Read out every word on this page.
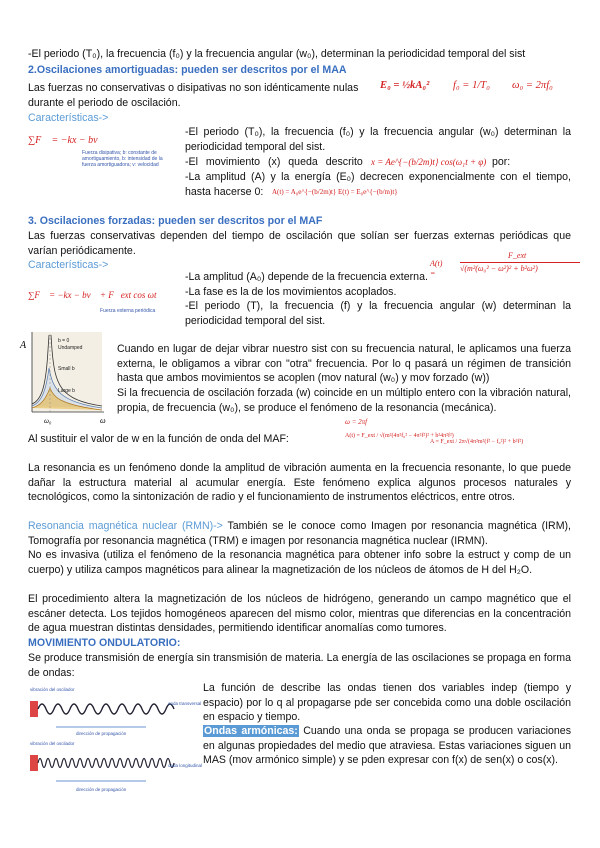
-El periodo (T₀), la frecuencia (f₀) y la frecuencia angular (w₀), determinan la periodicidad temporal del sist
2.Oscilaciones amortiguadas: pueden ser descritos por el MAA
Las fuerzas no conservativas o disipativas no son idénticamente nulas E₀ = ½kA₀² f₀ = 1/T₀ ω₀ = 2πf₀
durante el periodo de oscilación.
Características->
∑F⃗ = −kx − bv⃗
Fuerza disipativa; b: constante de amortiguamiento, b: intensidad de la fuerza amortiguadora; v: velocidad
-El periodo (T₀), la frecuencia (f₀) y la frecuencia angular (w₀) determinan la periodicidad temporal del sist.
-El movimiento (x) queda descrito x = Ae^{−(b/2m)t} cos(ω₁t + φ) por:
-La amplitud (A) y la energía (E₀) decrecen exponencialmente con el tiempo, hasta hacerse 0:	A(t) = A₀e^{−(b/2m)t} E(t) = E₀e^{−(b/m)t}
3. Oscilaciones forzadas: pueden ser descritos por el MAF
Las fuerzas conservativas dependen del tiempo de oscilación que solían ser fuerzas externas periódicas que varían periódicamente.
Características->	A(t) =
F_ext
√(m²(ω₀² − ω²)² + b²ω²)
∑F⃗ = −kx − bv⃗ + F⃗ext cos ωt
Fuerza externa periódica
-La amplitud (A₀) depende de la frecuencia externa.
-La fase es la de los movimientos acoplados.
-El periodo (T), la frecuencia (f) y la frecuencia angular (w) determinan la periodicidad temporal del sist.
A
ω
ω₀
b = 0
Undamped
Small b
Large b
Cuando en lugar de dejar vibrar nuestro sist con su frecuencia natural, le aplicamos una fuerza externa, le obligamos a vibrar con "otra" frecuencia. Por lo q pasará un régimen de transición hasta que ambos movimientos se acoplen (mov natural (w₀) y mov forzado (w))
Si la frecuencia de oscilación forzada (w) coincide en un múltiplo entero con la vibración natural, propia, de frecuencia (w₀), se produce el fenómeno de la resonancia (mecánica).
Al sustituir el valor de w en la función de onda del MAF:
ω = 2πf
A(t) = F_ext / √(m²(4π²f₀² − 4π²f²)² + b²4π²f²)
A = F_ext / 2π√(4π²m²(f² − f₀²)² + b²f²)
La resonancia es un fenómeno donde la amplitud de vibración aumenta en la frecuencia resonante, lo que puede dañar la estructura material al acumular energía. Este fenómeno explica algunos procesos naturales y tecnológicos, como la sintonización de radio y el funcionamiento de instrumentos eléctricos, entre otros.
Resonancia magnética nuclear (RMN)-> También se le conoce como Imagen por resonancia magnética (IRM), Tomografía por resonancia magnética (TRM) e imagen por resonancia magnética nuclear (IRMN).
No es invasiva (utiliza el fenómeno de la resonancia magnética para obtener info sobre la estruct y comp de un cuerpo) y utiliza campos magnéticos para alinear la magnetización de los núcleos de átomos de H del H₂O.
El procedimiento altera la magnetización de los núcleos de hidrógeno, generando un campo magnético que el escáner detecta. Los tejidos homogéneos aparecen del mismo color, mientras que diferencias en la concentración de agua muestran distintas densidades, permitiendo identificar anomalías como tumores.
MOVIMIENTO ONDULATORIO:
Se produce transmisión de energía sin transmisión de materia. La energía de las oscilaciones se propaga en forma de ondas:
vibración del oscilador
onda transversal
dirección de propagación
vibración del oscilador
onda longitudinal
dirección de propagación
La función de describe las ondas tienen dos variables indep (tiempo y espacio) por lo q al propagarse pde ser concebida como una doble oscilación en espacio y tiempo.
Ondas armónicas: Cuando una onda se propaga se producen variaciones en algunas propiedades del medio que atraviesa. Estas variaciones siguen un MAS (mov armónico simple) y se pden expresar con f(x) de sen(x) o cos(x).
